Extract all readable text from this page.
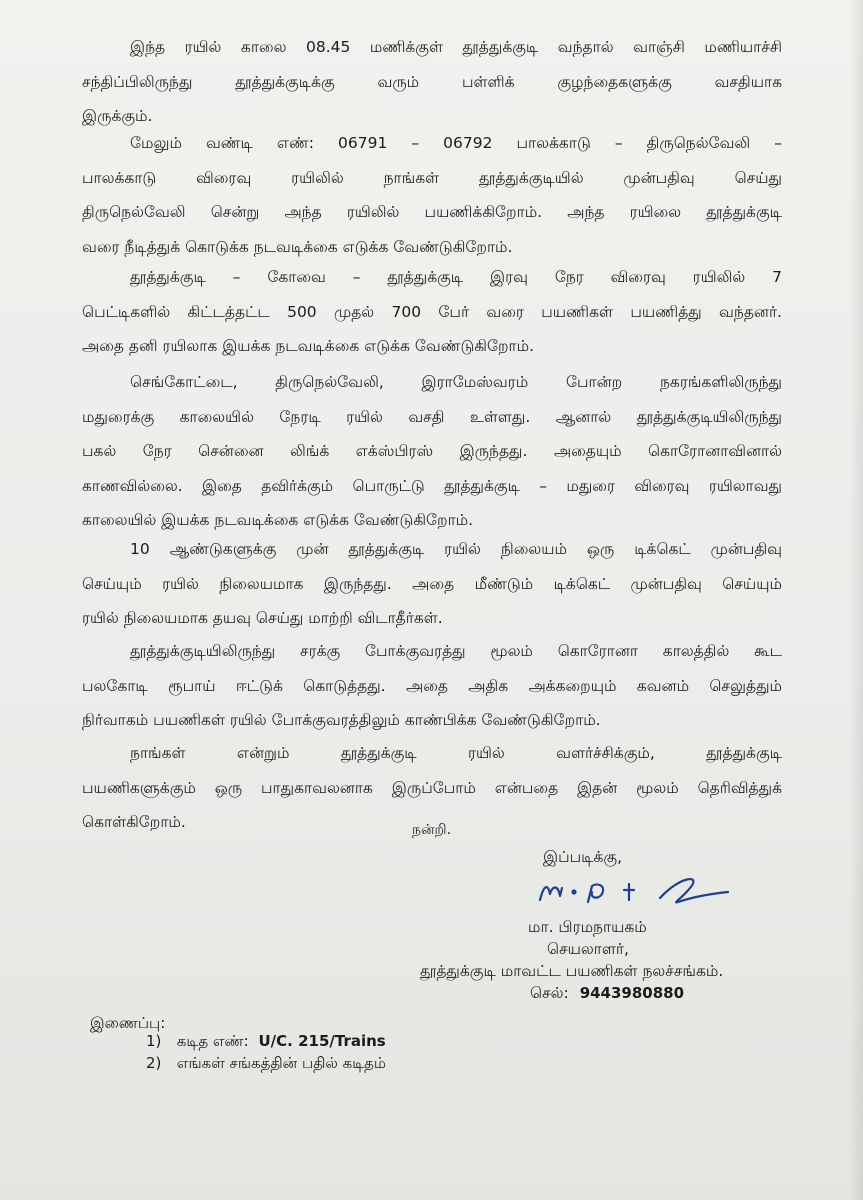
இந்த ரயில் காலை 08.45 மணிக்குள் தூத்துக்குடி வந்தால் வாஞ்சி மணியாச்சி
சந்திப்பிலிருந்து தூத்துக்குடிக்கு வரும் பள்ளிக் குழந்தைகளுக்கு வசதியாக
இருக்கும்.
மேலும் வண்டி எண்: 06791 – 06792 பாலக்காடு – திருநெல்வேலி –
பாலக்காடு விரைவு ரயிலில் நாங்கள் தூத்துக்குடியில் முன்பதிவு செய்து
திருநெல்வேலி சென்று அந்த ரயிலில் பயணிக்கிறோம். அந்த ரயிலை தூத்துக்குடி
வரை நீடித்துக் கொடுக்க நடவடிக்கை எடுக்க வேண்டுகிறோம்.
தூத்துக்குடி – கோவை – தூத்துக்குடி இரவு நேர விரைவு ரயிலில் 7
பெட்டிகளில் கிட்டத்தட்ட 500 முதல் 700 பேர் வரை பயணிகள் பயணித்து வந்தனர்.
அதை தனி ரயிலாக இயக்க நடவடிக்கை எடுக்க வேண்டுகிறோம்.
செங்கோட்டை, திருநெல்வேலி, இராமேஸ்வரம் போன்ற நகரங்களிலிருந்து
மதுரைக்கு காலையில் நேரடி ரயில் வசதி உள்ளது. ஆனால் தூத்துக்குடியிலிருந்து
பகல் நேர சென்னை லிங்க் எக்ஸ்பிரஸ் இருந்தது. அதையும் கொரோனாவினால்
காணவில்லை. இதை தவிர்க்கும் பொருட்டு தூத்துக்குடி – மதுரை விரைவு ரயிலாவது
காலையில் இயக்க நடவடிக்கை எடுக்க வேண்டுகிறோம்.
10 ஆண்டுகளுக்கு முன் தூத்துக்குடி ரயில் நிலையம் ஒரு டிக்கெட் முன்பதிவு
செய்யும் ரயில் நிலையமாக இருந்தது. அதை மீண்டும் டிக்கெட் முன்பதிவு செய்யும்
ரயில் நிலையமாக தயவு செய்து மாற்றி விடாதீர்கள்.
தூத்துக்குடியிலிருந்து சரக்கு போக்குவரத்து மூலம் கொரோனா காலத்தில் கூட
பலகோடி ரூபாய் ஈட்டுக் கொடுத்தது. அதை அதிக அக்கறையும் கவனம் செலுத்தும்
நிர்வாகம் பயணிகள் ரயில் போக்குவரத்திலும் காண்பிக்க வேண்டுகிறோம்.
நாங்கள் என்றும் தூத்துக்குடி ரயில் வளர்ச்சிக்கும், தூத்துக்குடி
பயணிகளுக்கும் ஒரு பாதுகாவலனாக இருப்போம் என்பதை இதன் மூலம் தெரிவித்துக்
கொள்கிறோம்.	நன்றி.
இப்படிக்கு,
மா. பிரமநாயகம்
செயலாளர்,
தூத்துக்குடி மாவட்ட பயணிகள் நலச்சங்கம்.
செல்: 9443980880
இணைப்பு:
1) கடித எண்: U/C. 215/Trains
2) எங்கள் சங்கத்தின் பதில் கடிதம்
